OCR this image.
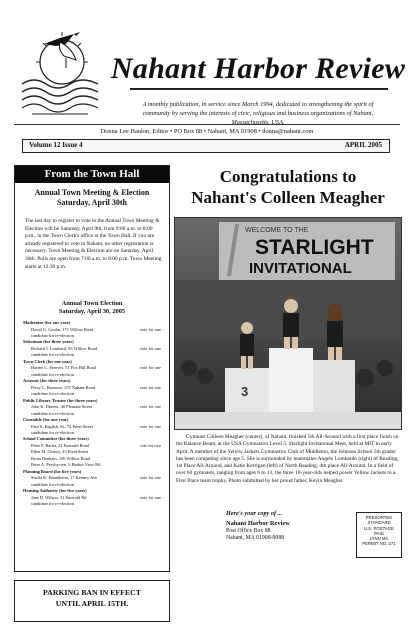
Nahant Harbor Review
A monthly publication, in service since March 1994, dedicated to strengthening the spirit of community by serving the interests of civic, religious and business organizations of Nahant, Massachusetts, USA.
Donna Lee Hanlon, Editor • PO Box 88 • Nahant, MA 01908 • donna@nahant.com
Volume 12 Issue 4	APRIL 2005
From the Town Hall
Annual Town Meeting & Election
Saturday, April 30th
The last day to register to vote in the Annual Town Meeting & Election will be Saturday, April 9th, from 9:00 a.m. to 8:00 p.m., in the Town Clerk's office at the Town Hall. If you are already registered to vote in Nahant, no other registration is necessary. Town Meeting & Election are on Saturday, April 30th. Polls are open from 7:00 a.m. to 8:00 p.m. Town Meeting starts at 12:30 p.m.
Annual Town Election
Saturday, April 30, 2005
Moderator (for one year)
David G. Conlin, 171 Willow Road	vote for one
candidate for re-election
Selectman (for three years)
Richard J. Lombard, 83 Willow Road	vote for one
candidate for re-election
Town Clerk (for one year)
Harriet C. Steeves, 51 Fox Hill Road	vote for one
candidate for re-election
Assessor (for three years)
Perry C. Barrasso, 257 Nahant Road	vote for one
candidate for re-election
Public Library Trustee (for three years)
John K. Dineen, 40 Pleasant Street	vote for one
candidate for re-election
Constable (for one year)
Paul S. English, Sr., 74 Pond Street	vote for one
candidate for re-election
School Committee (for three years)
Peter F. Barba, 22 Emerald Road	vote for two
Ellen M. Christy, 43 Pond Street
Brian Denham, 106 Willow Road
Peter A. Przybycien, 9 Harbor View Rd
Planning Board (for five years)
Sheila K. Hambleton, 17 Kenney Ave	vote for one
candidate for re-election
Housing Authority (for five years)
Jane D. Wilson, 31 Emerald Rd	vote for one
candidate for re-election
PARKING BAN IN EFFECT
UNTIL APRIL 15TH.
Congratulations to
Nahant's Colleen Meagher
WELCOME TO THE
STARLIGHT
INVITATIONAL
3
Gymnast Colleen Meagher (center), of Nahant, finished 5th All-Around with a first place finish on the Balance Beam, at the USA Gymnastics Level 5, Starlight Invitational Meet, held at MIT in early April. A member of the Yellow Jackets Gymnastics Club of Middleton, the Johnson School 5th grader has been competing since age 5. She is surrounded by teammates Angele Lombardo (right) of Reading, 1st Place All-Around, and Katie Kerrigan (left) of North Reading, 4th place All-Around. In a field of over 60 gymnasts, ranging from ages 6 to 13, the three 10-year-olds helped power Yellow Jackets to a First Place team trophy. Photo submitted by her proud father, Kevin Meagher.
Here's your copy of ...
Nahant Harbor Review
Post Office Box 88
Nahant, MA 01908-0088
PRESORTED
STANDARD
U.S. POSTAGE
PAID
LYNN MA
PERMIT NO. 271
